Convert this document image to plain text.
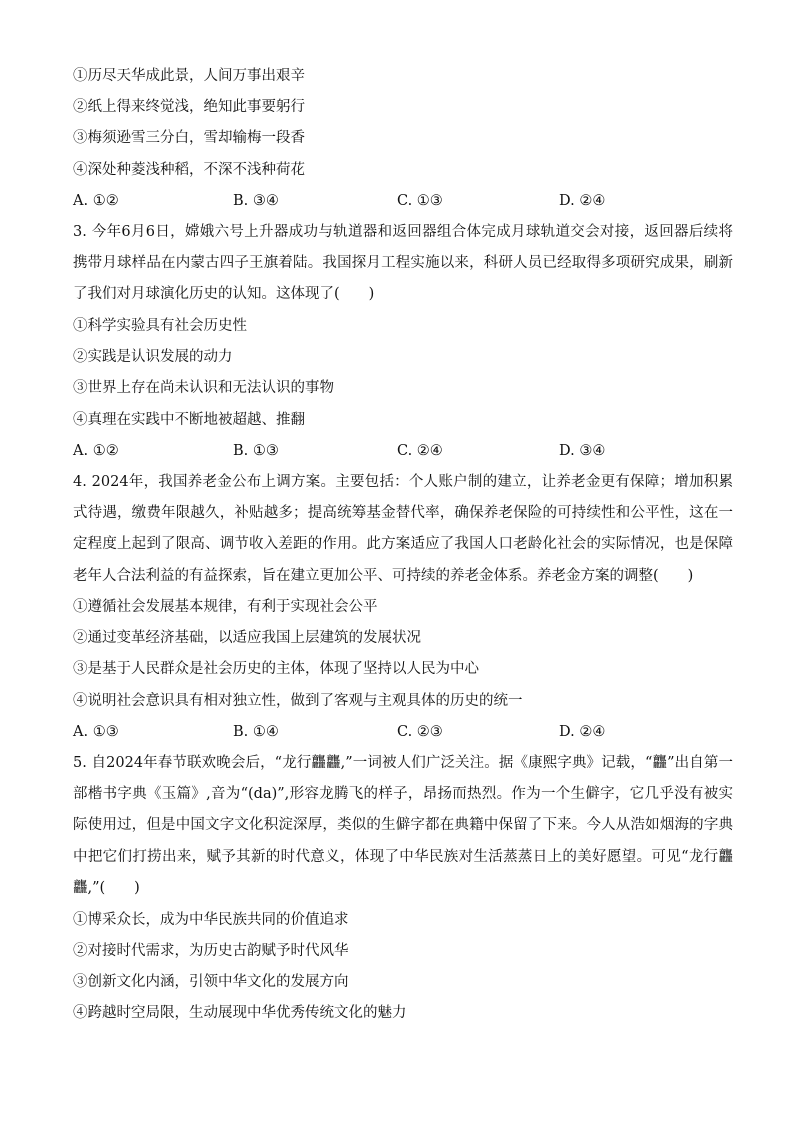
①历尽天华成此景，人间万事出艰辛
②纸上得来终觉浅，绝知此事要躬行
③梅须逊雪三分白，雪却输梅一段香
④深处种菱浅种稻，不深不浅种荷花
A. ①②	B. ③④	C. ①③	D. ②④
3. 今年6月6日，嫦娥六号上升器成功与轨道器和返回器组合体完成月球轨道交会对接，返回器后续将携带月球样品在内蒙古四子王旗着陆。我国探月工程实施以来，科研人员已经取得多项研究成果，刷新了我们对月球演化历史的认知。这体现了(　　)
①科学实验具有社会历史性
②实践是认识发展的动力
③世界上存在尚未认识和无法认识的事物
④真理在实践中不断地被超越、推翻
A. ①②	B. ①③	C. ②④	D. ③④
4. 2024年，我国养老金公布上调方案。主要包括：个人账户制的建立，让养老金更有保障；增加积累式待遇，缴费年限越久，补贴越多；提高统筹基金替代率，确保养老保险的可持续性和公平性，这在一定程度上起到了限高、调节收入差距的作用。此方案适应了我国人口老龄化社会的实际情况，也是保障老年人合法利益的有益探索，旨在建立更加公平、可持续的养老金体系。养老金方案的调整(　　)
①遵循社会发展基本规律，有利于实现社会公平
②通过变革经济基础，以适应我国上层建筑的发展状况
③是基于人民群众是社会历史的主体，体现了坚持以人民为中心
④说明社会意识具有相对独立性，做到了客观与主观具体的历史的统一
A. ①③	B. ①④	C. ②③	D. ②④
5. 自2024年春节联欢晚会后，“龙行龘龘,”一词被人们广泛关注。据《康熙字典》记载，“龘”出自第一部楷书字典《玉篇》,音为“(da)”,形容龙腾飞的样子，昂扬而热烈。作为一个生僻字，它几乎没有被实际使用过，但是中国文字文化积淀深厚，类似的生僻字都在典籍中保留了下来。今人从浩如烟海的字典中把它们打捞出来，赋予其新的时代意义，体现了中华民族对生活蒸蒸日上的美好愿望。可见“龙行龘龘,”(　　)
①博采众长，成为中华民族共同的价值追求
②对接时代需求，为历史古韵赋予时代风华
③创新文化内涵，引领中华文化的发展方向
④跨越时空局限，生动展现中华优秀传统文化的魅力
